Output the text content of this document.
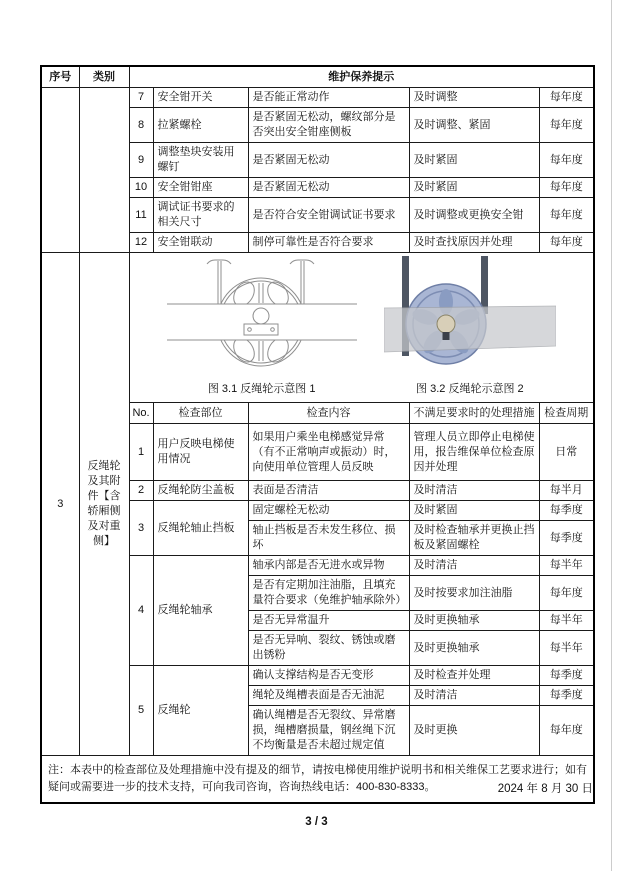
序号	类别	维护保养提示				
		7	安全钳开关	是否能正常动作	及时调整	每年度
		8	拉紧螺栓	是否紧固无松动，螺纹部分是否突出安全钳座侧板	及时调整、紧固	每年度
		9	调整垫块安装用螺钉	是否紧固无松动	及时紧固	每年度
		10	安全钳钳座	是否紧固无松动	及时紧固	每年度
		11	调试证书要求的相关尺寸	是否符合安全钳调试证书要求	及时调整或更换安全钳	每年度
		12	安全钳联动	制停可靠性是否符合要求	及时查找原因并处理	每年度
3	反绳轮及其附件【含轿厢侧及对重侧】	图 3.1 反绳轮示意图 1 图 3.2 反绳轮示意图 2				

		No.	检查部位	检查内容	不满足要求时的处理措施	检查周期
		1	用户反映电梯使用情况	如果用户乘坐电梯感觉异常（有不正常响声或振动）时，向使用单位管理人员反映	管理人员立即停止电梯使用，报告维保单位检查原因并处理	日常
		2	反绳轮防尘盖板	表面是否清洁	及时清洁	每半月
		3	反绳轮轴止挡板	固定螺栓无松动	及时紧固	每季度
				轴止挡板是否未发生移位、损坏	及时检查轴承并更换止挡板及紧固螺栓	每季度
		4	反绳轮轴承	轴承内部是否无进水或异物	及时清洁	每半年
				是否有定期加注油脂，且填充量符合要求（免维护轴承除外）	及时按要求加注油脂	每年度
				是否无异常温升	及时更换轴承	每半年
				是否无异响、裂纹、锈蚀或磨出锈粉	及时更换轴承	每半年
		5	反绳轮	确认支撑结构是否无变形	及时检查并处理	每季度
				绳轮及绳槽表面是否无油泥	及时清洁	每季度
				确认绳槽是否无裂纹、异常磨损，绳槽磨损量，钢丝绳下沉不均衡量是否未超过规定值	及时更换	每年度
注：本表中的检查部位及处理措施中没有提及的细节，请按电梯使用维护说明书和相关维保工艺要求进行；如有疑问或需要进一步的技术支持，可向我司咨询，咨询热线电话：400-830-8333。							2024 年 8 月 30 日
3 / 3
